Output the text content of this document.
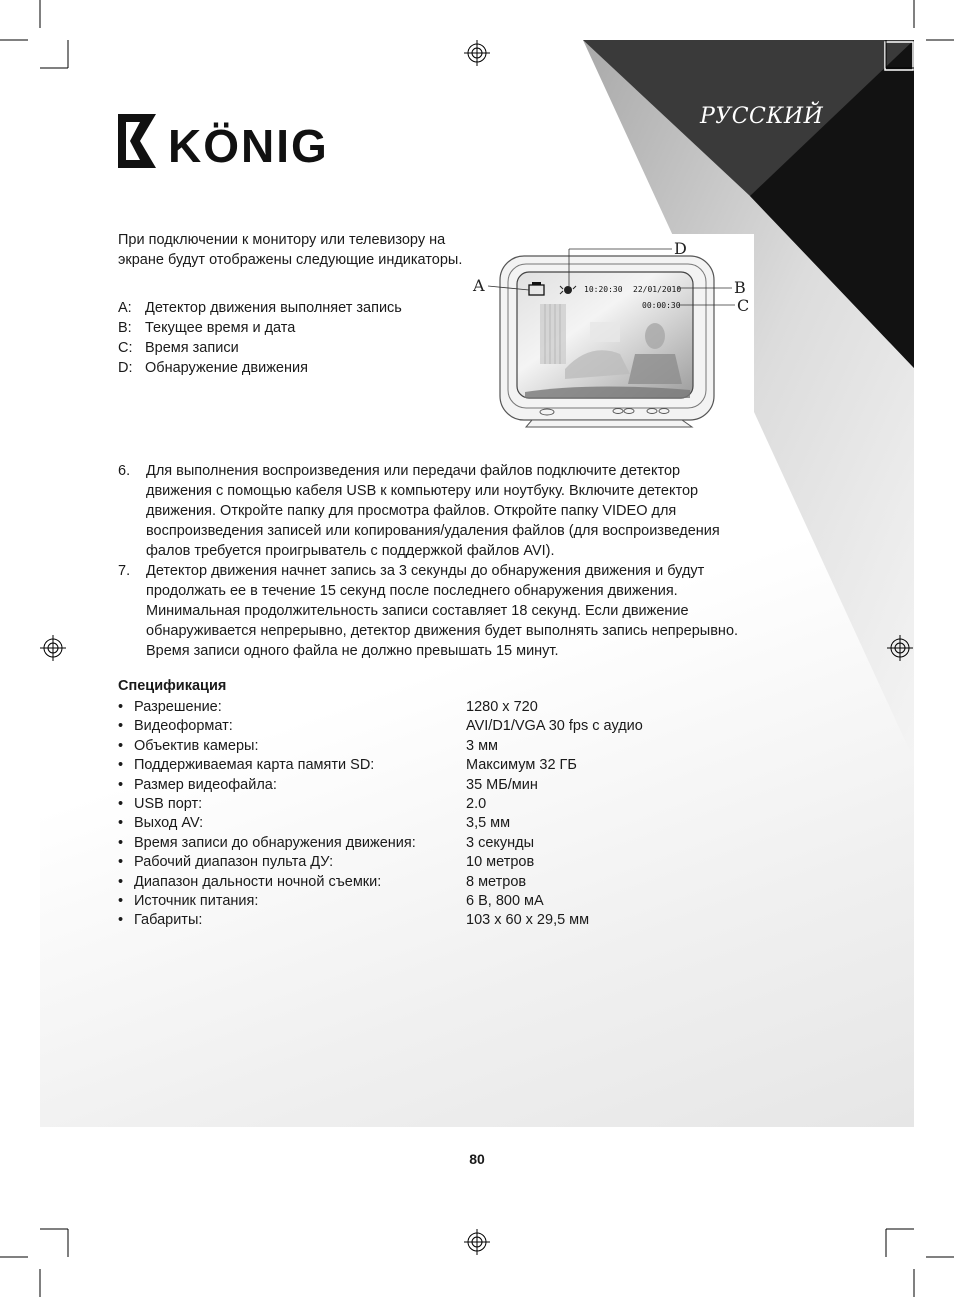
KÖNIG
РУССКИЙ
При подключении к монитору или телевизору на экране будут отображены следующие индикаторы.
A: Детектор движения выполняет запись
B: Текущее время и дата
C: Время записи
D: Обнаружение движения
10:20:30 22/01/2010
00:00:30
A
D
B
C
6.	Для выполнения воспроизведения или передачи файлов подключите детектор движения с помощью кабеля USB к компьютеру или ноутбуку. Включите детектор движения. Откройте папку для просмотра файлов. Откройте папку VIDEO для воспроизведения записей или копирования/удаления файлов (для воспроизведения фалов требуется проигрыватель с поддержкой файлов AVI).
7.	Детектор движения начнет запись за 3 секунды до обнаружения движения и будут продолжать ее в течение 15 секунд после последнего обнаружения движения. Минимальная продолжительность записи составляет 18 секунд. Если движение обнаруживается непрерывно, детектор движения будет выполнять запись непрерывно. Время записи одного файла не должно превышать 15 минут.
Спецификация
• Разрешение:	1280 x 720
• Видеоформат:	AVI/D1/VGA 30 fps с аудио
• Объектив камеры:	3 мм
• Поддерживаемая карта памяти SD:	Максимум 32 ГБ
• Размер видеофайла:	35 МБ/мин
• USB порт:	2.0
• Выход AV:	3,5 мм
• Время записи до обнаружения движения:	3 секунды
• Рабочий диапазон пульта ДУ:	10 метров
• Диапазон дальности ночной съемки:	8 метров
• Источник питания:	6 В, 800 мА
• Габариты:	103 x 60 x 29,5 мм
80
